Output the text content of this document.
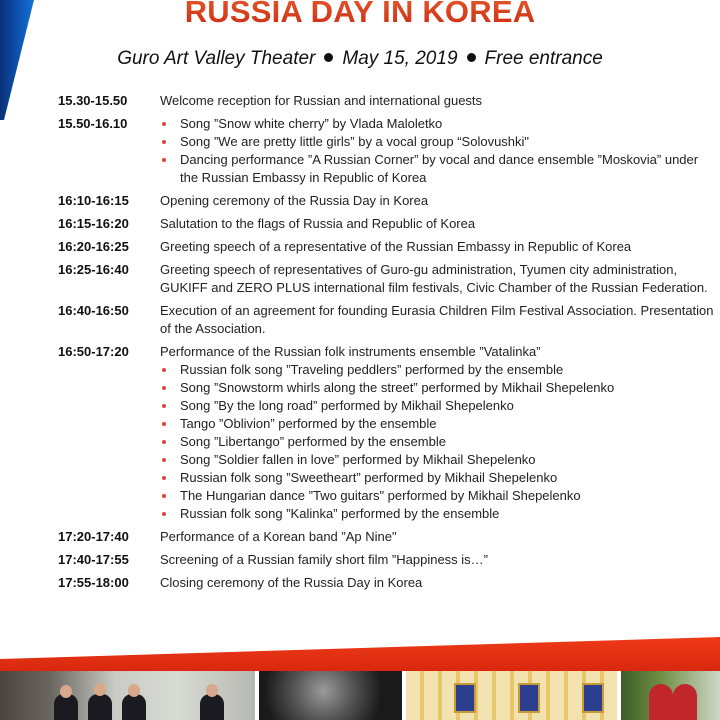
RUSSIA DAY IN KOREA
Guro Art Valley Theater May 15, 2019 Free entrance
15.30-15.50	Welcome reception for Russian and international guests
15.50-16.10	Song ”Snow white cherry” by Vlada Maloletko
Song ”We are pretty little girls” by a vocal group “Solovushki"
Dancing performance ”A Russian Corner” by vocal and dance ensemble ”Moskovia” under the Russian Embassy in Republic of Korea
16:10-16:15	Opening ceremony of the Russia Day in Korea
16:15-16:20	Salutation to the flags of Russia and Republic of Korea
16:20-16:25	Greeting speech of a representative of the Russian Embassy in Republic of Korea
16:25-16:40	Greeting speech of representatives of Guro-gu administration, Tyumen city administration, GUKIFF and ZERO PLUS international film festivals, Civic Chamber of the Russian Federation.
16:40-16:50	Execution of an agreement for founding Eurasia Children Film Festival Association. Presentation of the Association.
16:50-17:20	Performance of the Russian folk instruments ensemble ”Vatalinka”
Russian folk song ”Traveling peddlers” performed by the ensemble
Song ”Snowstorm whirls along the street” performed by Mikhail Shepelenko
Song ”By the long road” performed by Mikhail Shepelenko
Tango ”Oblivion” performed by the ensemble
Song ”Libertango” performed by the ensemble
Song ”Soldier fallen in love” performed by Mikhail Shepelenko
Russian folk song ”Sweetheart” performed by Mikhail Shepelenko
The Hungarian dance ”Two guitars" performed by Mikhail Shepelenko
Russian folk song ”Kalinka” performed by the ensemble
17:20-17:40	Performance of a Korean band ”Ap Nine"
17:40-17:55	Screening of a Russian family short film ”Happiness is…”
17:55-18:00	Closing ceremony of the Russia Day in Korea
